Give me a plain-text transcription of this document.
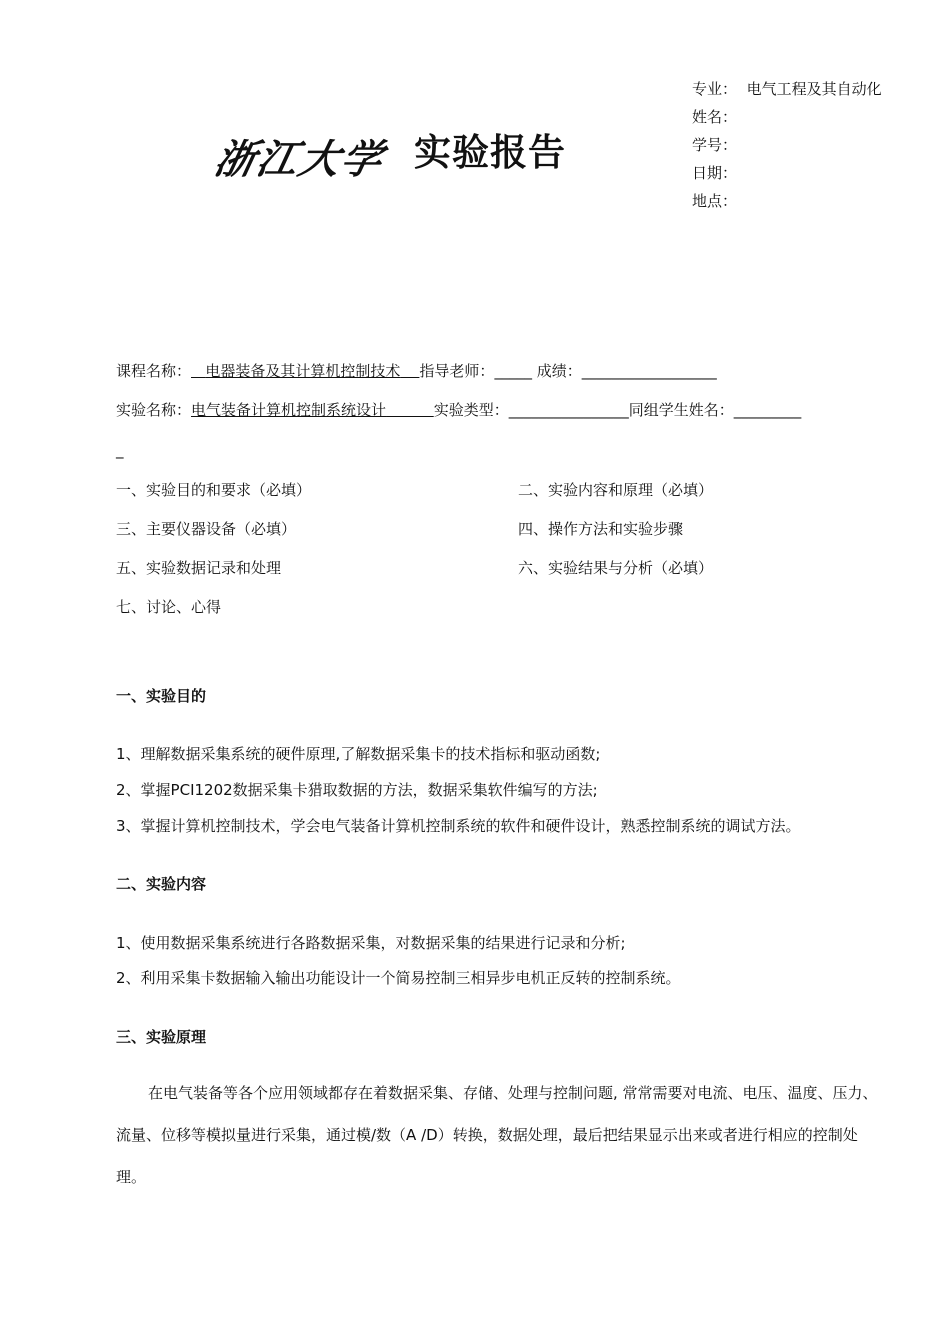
浙江大学 实验报告
专业： 电气工程及其自动化
姓名：
学号：
日期：
地点：
课程名称： 电器装备及其计算机控制技术 指导老师：_____ 成绩：__________________
实验名称：电气装备计算机控制系统设计	实验类型：________________同组学生姓名：_________
_
一、实验目的和要求（必填）	二、实验内容和原理（必填）
三、主要仪器设备（必填）	四、操作方法和实验步骤
五、实验数据记录和处理	六、实验结果与分析（必填）
七、讨论、心得
一、实验目的
1、理解数据采集系统的硬件原理,了解数据采集卡的技术指标和驱动函数;
2、掌握PCI1202数据采集卡猎取数据的方法，数据采集软件编写的方法;
3、掌握计算机控制技术，学会电气装备计算机控制系统的软件和硬件设计，熟悉控制系统的调试方法。
二、实验内容
1、使用数据采集系统进行各路数据采集，对数据采集的结果进行记录和分析;
2、利用采集卡数据输入输出功能设计一个简易控制三相异步电机正反转的控制系统。
三、实验原理
在电气装备等各个应用领域都存在着数据采集、存储、处理与控制问题, 常常需要对电流、电压、温度、压力、流量、位移等模拟量进行采集，通过模/数（A /D）转换，数据处理，最后把结果显示出来或者进行相应的控制处理。
